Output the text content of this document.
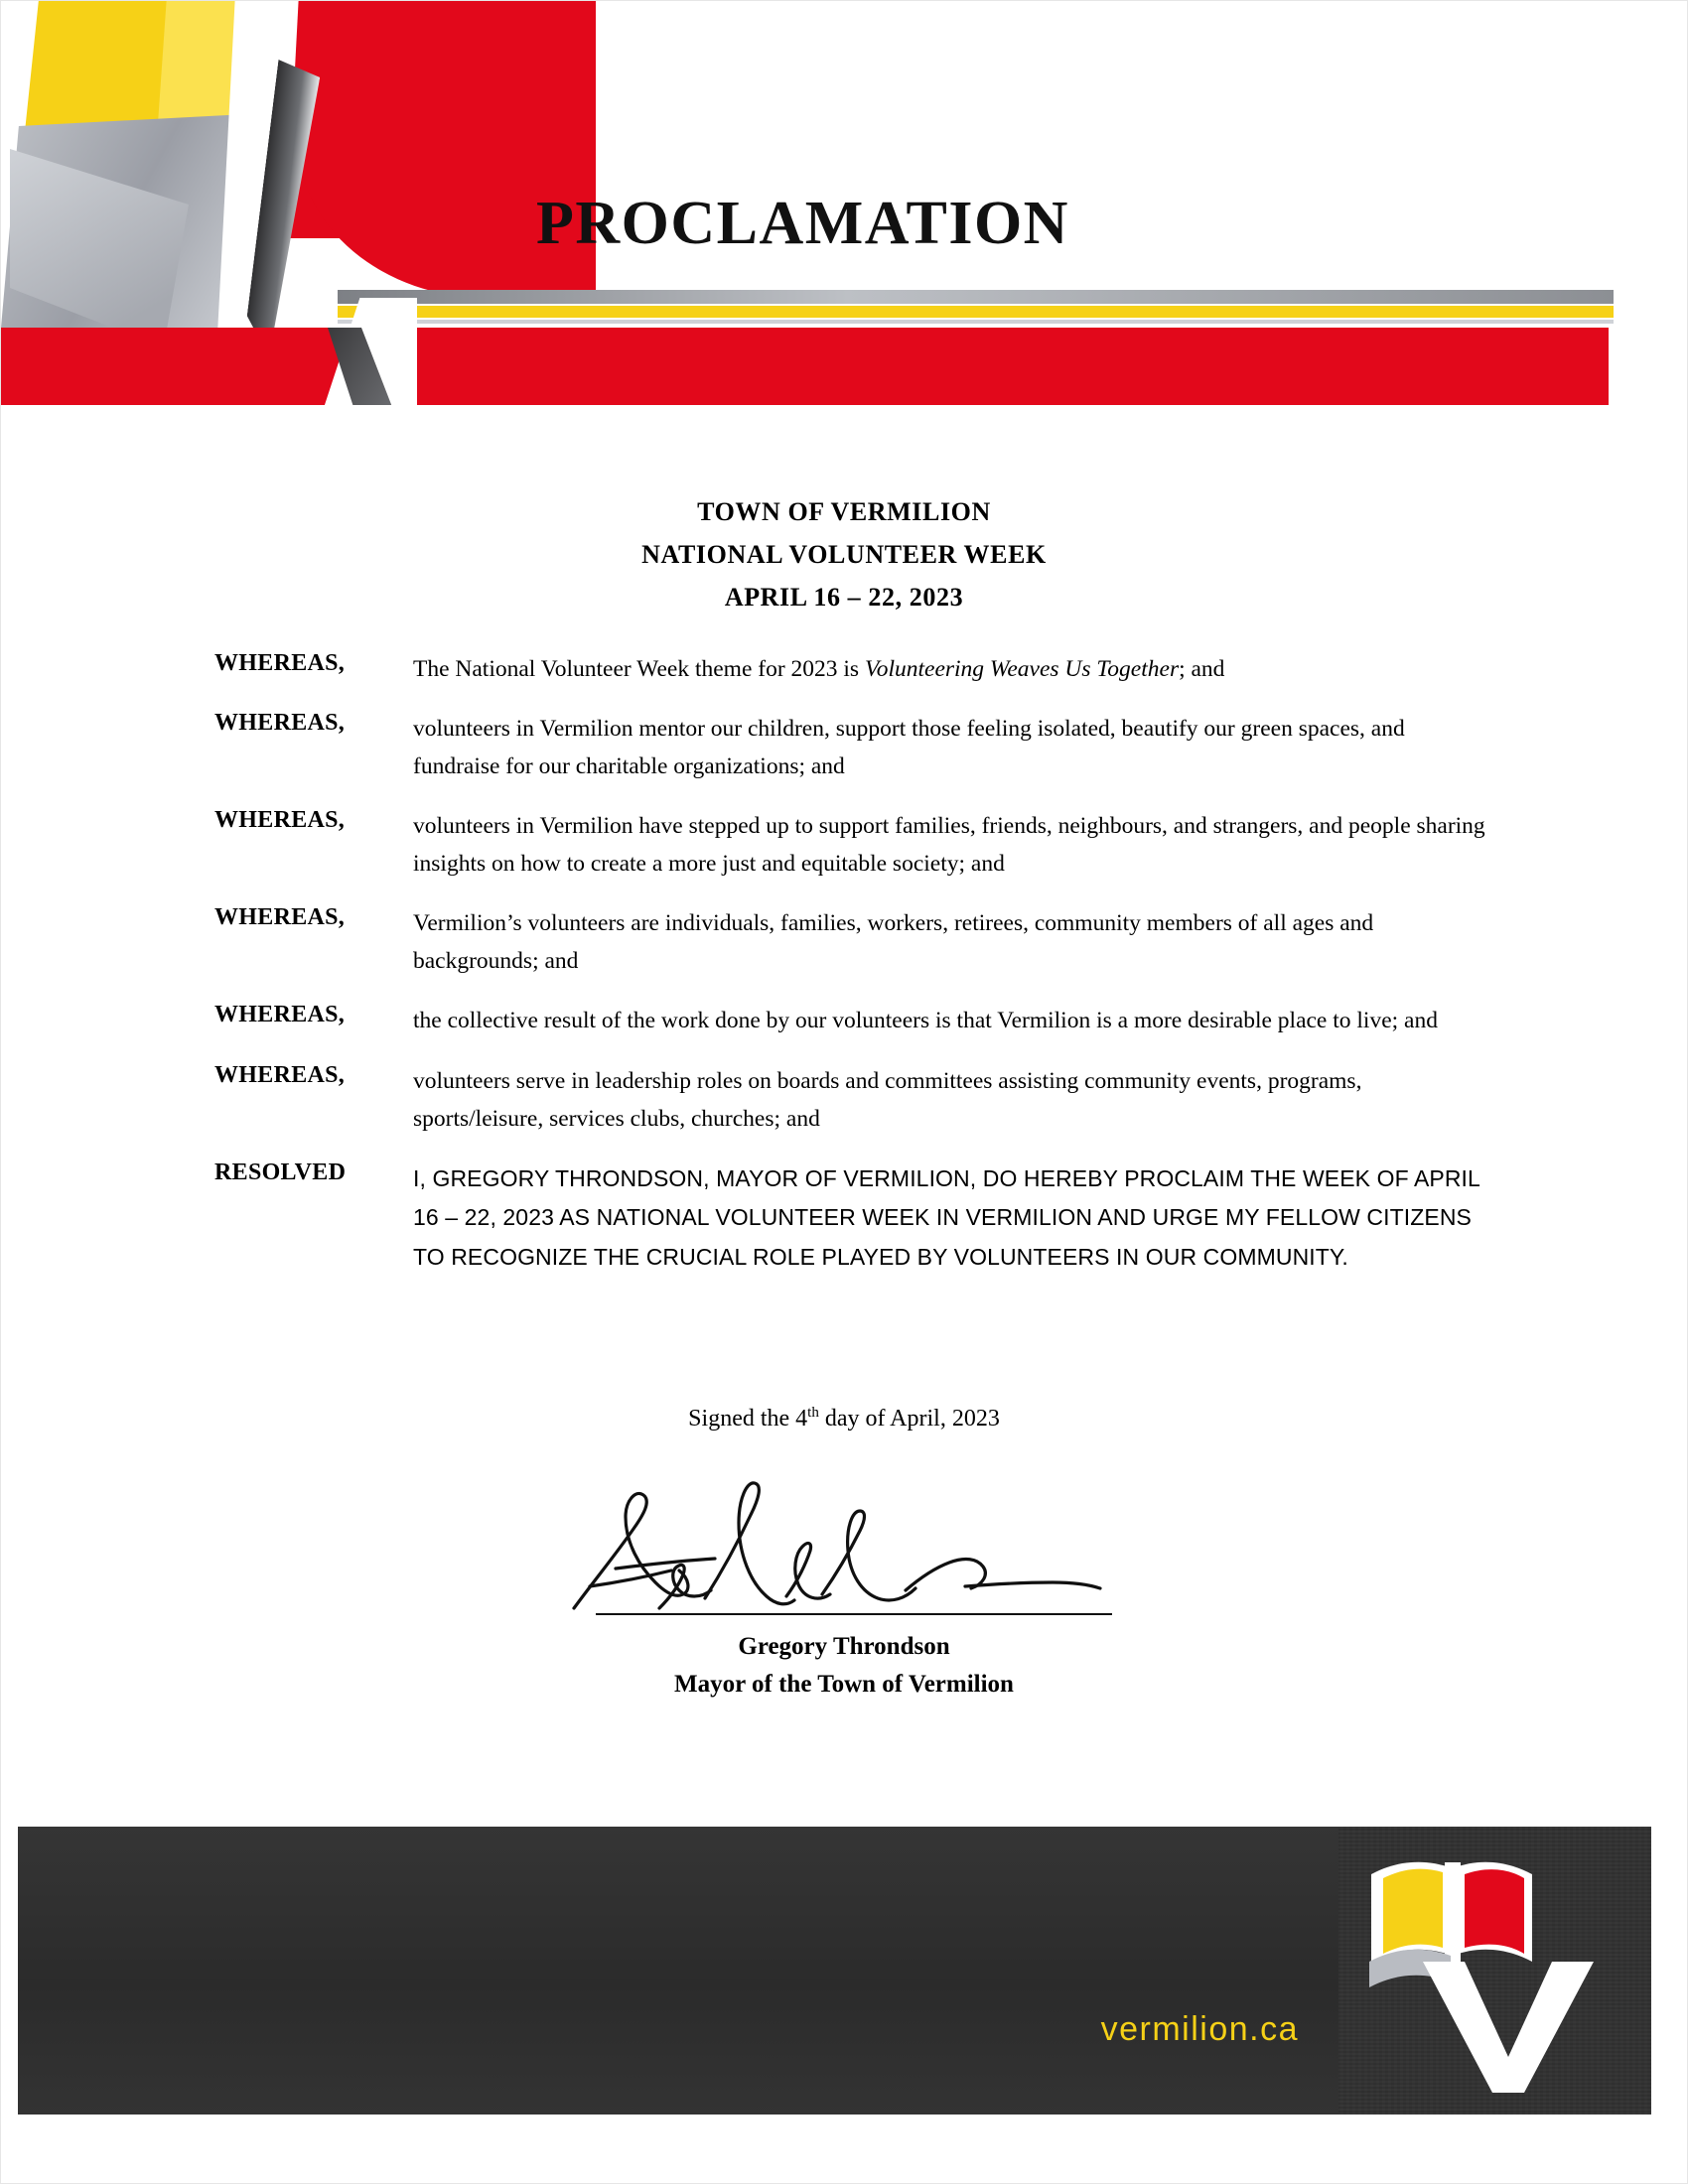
PROCLAMATION
TOWN OF VERMILION
NATIONAL VOLUNTEER WEEK
APRIL 16 – 22, 2023
WHEREAS,	The National Volunteer Week theme for 2023 is Volunteering Weaves Us Together; and
WHEREAS,	volunteers in Vermilion mentor our children, support those feeling isolated, beautify our green spaces, and fundraise for our charitable organizations; and
WHEREAS,	volunteers in Vermilion have stepped up to support families, friends, neighbours, and strangers, and people sharing insights on how to create a more just and equitable society; and
WHEREAS,	Vermilion’s volunteers are individuals, families, workers, retirees, community members of all ages and backgrounds; and
WHEREAS,	the collective result of the work done by our volunteers is that Vermilion is a more desirable place to live; and
WHEREAS,	volunteers serve in leadership roles on boards and committees assisting community events, programs, sports/leisure, services clubs, churches; and
RESOLVED	I, GREGORY THRONDSON, MAYOR OF VERMILION, DO HEREBY PROCLAIM THE WEEK OF APRIL 16 – 22, 2023 AS NATIONAL VOLUNTEER WEEK IN VERMILION AND URGE MY FELLOW CITIZENS TO RECOGNIZE THE CRUCIAL ROLE PLAYED BY VOLUNTEERS IN OUR COMMUNITY.
Signed the 4th day of April, 2023
Gregory Throndson
Mayor of the Town of Vermilion
vermilion.ca
